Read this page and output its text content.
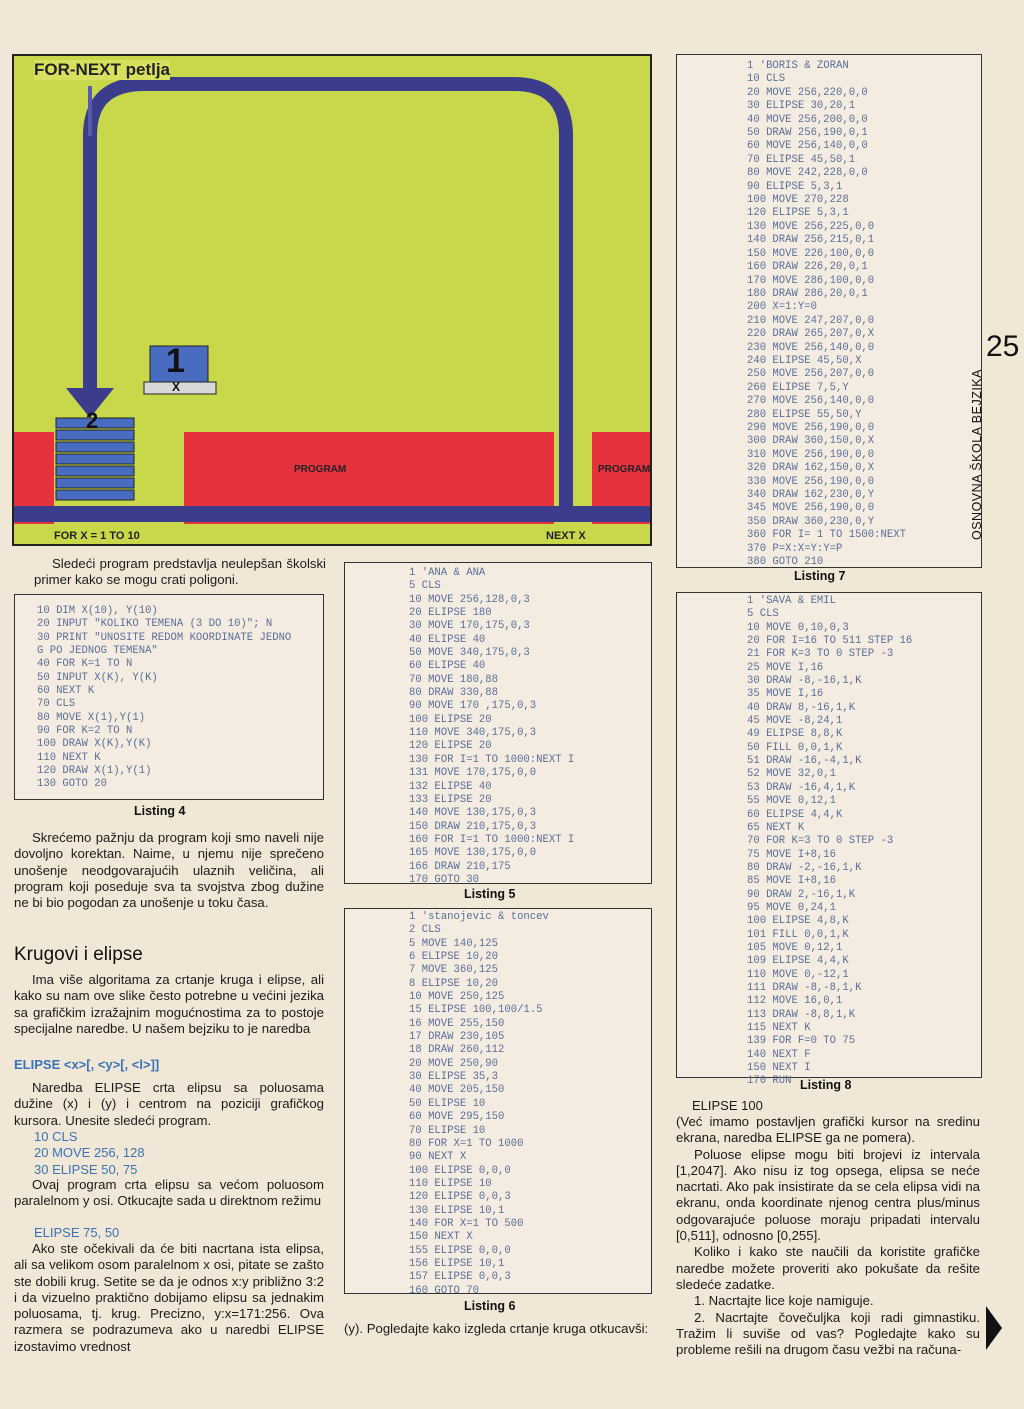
FOR-NEXT petlja
1
X
2
PROGRAM	PROGRAM
FOR X = 1 TO 10	NEXT X

Sledeći program predstavlja neulepšan školski primer kako se mogu crati poligoni.

10 DIM X(10), Y(10)
20 INPUT "KOLIKO TEMENA (3 DO 10)"; N
30 PRINT "UNOSITE REDOM KOORDINATE JEDNO
G PO JEDNOG TEMENA"
40 FOR K=1 TO N
50 INPUT X(K), Y(K)
60 NEXT K
70 CLS
80 MOVE X(1),Y(1)
90 FOR K=2 TO N
100 DRAW X(K),Y(K)
110 NEXT K
120 DRAW X(1),Y(1)
130 GOTO 20
Listing 4

Skrećemo pažnju da program koji smo naveli nije dovoljno korektan. Naime, u njemu nije sprečeno unošenje neodgovarajućih ulaznih veličina, ali program koji poseduje sva ta svojstva zbog dužine ne bi bio pogodan za unošenje u toku časa.

Krugovi i elipse

Ima više algoritama za crtanje kruga i elipse, ali kako su nam ove slike često potrebne u većini jezika sa grafičkim izražajnim mogućnostima za to postoje specijalne naredbe. U našem bejziku to je naredba

ELIPSE <x>[, <y>[, <l>]]

Naredba ELIPSE crta elipsu sa poluosama dužine (x) i (y) i centrom na poziciji grafičkog kursora. Unesite sledeći program.

10 CLS
20 MOVE 256, 128
30 ELIPSE 50, 75

Ovaj program crta elipsu sa većom poluosom paralelnom y osi. Otkucajte sada u direktnom režimu

ELIPSE 75, 50

Ako ste očekivali da će biti nacrtana ista elipsa, ali sa velikom osom paralelnom x osi, pitate se zašto ste dobili krug. Setite se da je odnos x:y približno 3:2 i da vizuelno praktično dobijamo elipsu sa jednakim poluosama, tj. krug. Precizno, y:x=171:256. Ova razmera se podrazumeva ako u naredbi ELIPSE izostavimo vrednost

1 'ANA & ANA
5 CLS
10 MOVE 256,128,0,3
20 ELIPSE 180
30 MOVE 170,175,0,3
40 ELIPSE 40
50 MOVE 340,175,0,3
60 ELIPSE 40
70 MOVE 180,88
80 DRAW 330,88
90 MOVE 170 ,175,0,3
100 ELIPSE 20
110 MOVE 340,175,0,3
120 ELIPSE 20
130 FOR I=1 TO 1000:NEXT I
131 MOVE 170,175,0,0
132 ELIPSE 40
133 ELIPSE 20
140 MOVE 130,175,0,3
150 DRAW 210,175,0,3
160 FOR I=1 TO 1000:NEXT I
165 MOVE 130,175,0,0
166 DRAW 210,175
170 GOTO 30
Listing 5
1 'stanojevic & toncev
2 CLS
5 MOVE 140,125
6 ELIPSE 10,20
7 MOVE 360,125
8 ELIPSE 10,20
10 MOVE 250,125
15 ELIPSE 100,100/1.5
16 MOVE 255,150
17 DRAW 230,105
18 DRAW 260,112
20 MOVE 250,90
30 ELIPSE 35,3
40 MOVE 205,150
50 ELIPSE 10
60 MOVE 295,150
70 ELIPSE 10
80 FOR X=1 TO 1000
90 NEXT X
100 ELIPSE 0,0,0
110 ELIPSE 10
120 ELIPSE 0,0,3
130 ELIPSE 10,1
140 FOR X=1 TO 500
150 NEXT X
155 ELIPSE 0,0,0
156 ELIPSE 10,1
157 ELIPSE 0,0,3
160 GOTO 70
Listing 6

(y). Pogledajte kako izgleda crtanje kruga otkucavši:

1 'BORIS & ZORAN
10 CLS
20 MOVE 256,220,0,0
30 ELIPSE 30,20,1
40 MOVE 256,200,0,0
50 DRAW 256,190,0,1
60 MOVE 256,140,0,0
70 ELIPSE 45,50,1
80 MOVE 242,228,0,0
90 ELIPSE 5,3,1
100 MOVE 270,228
120 ELIPSE 5,3,1
130 MOVE 256,225,0,0
140 DRAW 256,215,0,1
150 MOVE 226,100,0,0
160 DRAW 226,20,0,1
170 MOVE 286,100,0,0
180 DRAW 286,20,0,1
200 X=1:Y=0
210 MOVE 247,207,0,0
220 DRAW 265,207,0,X
230 MOVE 256,140,0,0
240 ELIPSE 45,50,X
250 MOVE 256,207,0,0
260 ELIPSE 7,5,Y
270 MOVE 256,140,0,0
280 ELIPSE 55,50,Y
290 MOVE 256,190,0,0
300 DRAW 360,150,0,X
310 MOVE 256,190,0,0
320 DRAW 162,150,0,X
330 MOVE 256,190,0,0
340 DRAW 162,230,0,Y
345 MOVE 256,190,0,0
350 DRAW 360,230,0,Y
360 FOR I= 1 TO 1500:NEXT
370 P=X:X=Y:Y=P
380 GOTO 210
Listing 7
1 'SAVA & EMIL
5 CLS
10 MOVE 0,10,0,3
20 FOR I=16 TO 511 STEP 16
21 FOR K=3 TO 0 STEP -3
25 MOVE I,16
30 DRAW -8,-16,1,K
35 MOVE I,16
40 DRAW 8,-16,1,K
45 MOVE -8,24,1
49 ELIPSE 8,8,K
50 FILL 0,0,1,K
51 DRAW -16,-4,1,K
52 MOVE 32,0,1
53 DRAW -16,4,1,K
55 MOVE 0,12,1
60 ELIPSE 4,4,K
65 NEXT K
70 FOR K=3 TO 0 STEP -3
75 MOVE I+8,16
80 DRAW -2,-16,1,K
85 MOVE I+8,16
90 DRAW 2,-16,1,K
95 MOVE 0,24,1
100 ELIPSE 4,8,K
101 FILL 0,0,1,K
105 MOVE 0,12,1
109 ELIPSE 4,4,K
110 MOVE 0,-12,1
111 DRAW -8,-8,1,K
112 MOVE 16,0,1
113 DRAW -8,8,1,K
115 NEXT K
139 FOR F=0 TO 75
140 NEXT F
150 NEXT I
170 RUN Listing 8
ELIPSE 100

(Već imamo postavljen grafički kursor na sredinu ekrana, naredba ELIPSE ga ne pomera).

Poluose elipse mogu biti brojevi iz intervala [1,2047]. Ako nisu iz tog opsega, elipsa se neće nacrtati. Ako pak insistirate da se cela elipsa vidi na ekranu, onda koordinate njenog centra plus/minus odgovarajuće poluose moraju pripadati intervalu [0,511], odnosno [0,255].

Koliko i kako ste naučili da koristite grafičke naredbe možete proveriti ako pokušate da rešite sledeće zadatke.

1. Nacrtajte lice koje namiguje.

2. Nacrtajte čovečuljka koji radi gimnastiku. Tražim li suviše od vas? Pogledajte kako su probleme rešili na drugom času vežbi na računa-

25
OSNOVNA ŠKOLA BEJZIKA
